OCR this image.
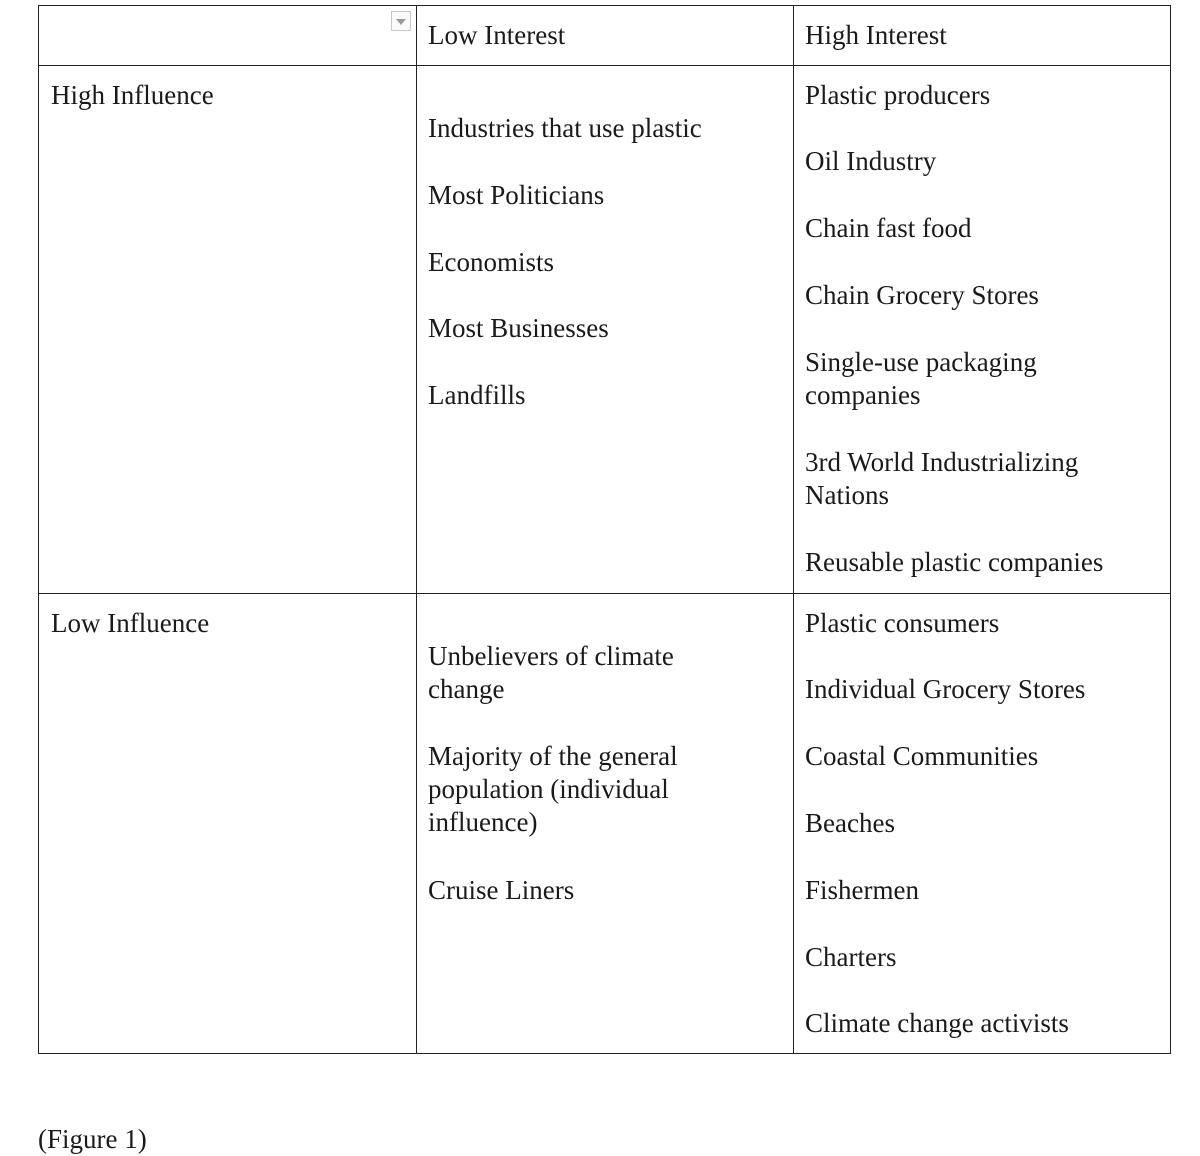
Low Interest	High Interest
High Influence

Industries that use plastic

Most Politicians

Economists

Most Businesses

Landfills

Plastic producers

Oil Industry

Chain fast food

Chain Grocery Stores

Single-use packaging companies

3rd World Industrializing Nations

Reusable plastic companies

Low Influence

Unbelievers of climate change

Majority of the general population (individual influence)

Cruise Liners

Plastic consumers

Individual Grocery Stores

Coastal Communities

Beaches

Fishermen

Charters

Climate change activists

(Figure 1)
